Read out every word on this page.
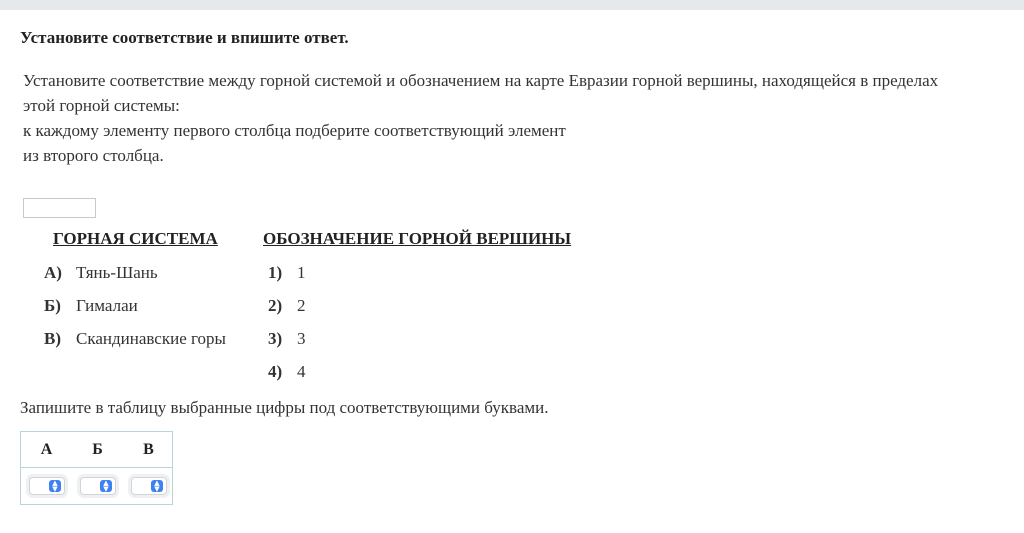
Установите соответствие и впишите ответ.
Установите соответствие между горной системой и обозначением на карте Евразии горной вершины, находящейся в пределах
этой горной системы:
к каждому элементу первого столбца подберите соответствующий элемент
из второго столбца.
ГОРНАЯ СИСТЕМА	ОБОЗНАЧЕНИЕ ГОРНОЙ ВЕРШИНЫ
А) Тянь-Шань
Б) Гималаи
В) Скандинавские горы
1) 1
2) 2
3) 3
4) 4
Запишите в таблицу выбранные цифры под соответствующими буквами.
А	Б	В
▲
▼
▲
▼
▲
▼
